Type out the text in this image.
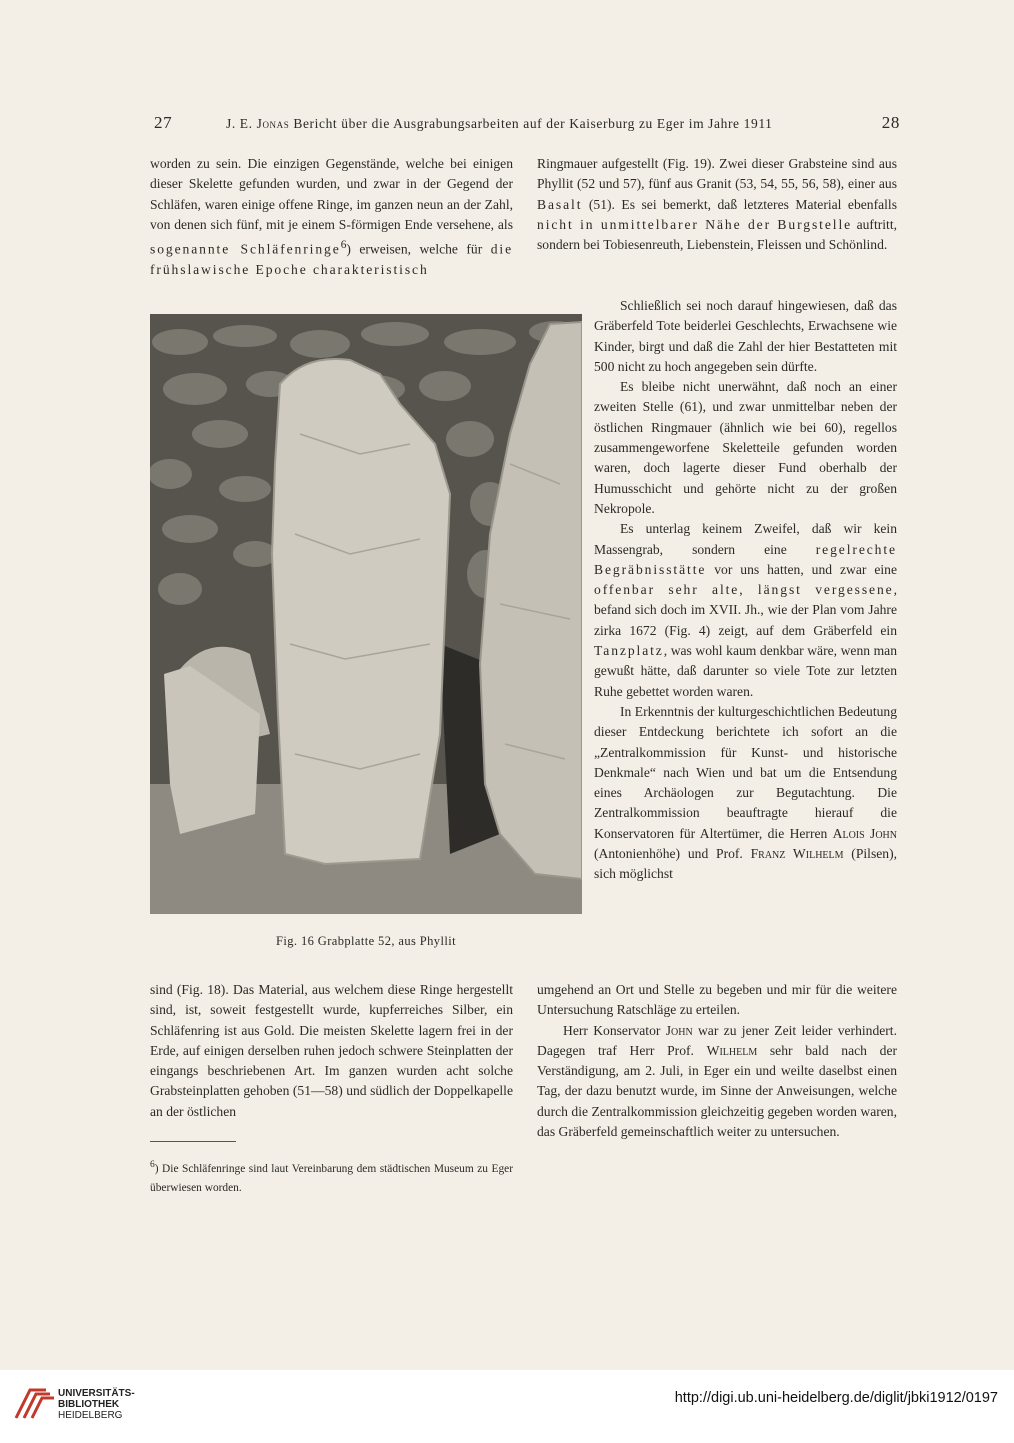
27	J. E. Jonas Bericht über die Ausgrabungsarbeiten auf der Kaiserburg zu Eger im Jahre 1911	28

worden zu sein. Die einzigen Gegenstände, welche bei einigen dieser Skelette gefunden wurden, und zwar in der Gegend der Schläfen, waren einige offene Ringe, im ganzen neun an der Zahl, von denen sich fünf, mit je einem S-förmigen Ende versehene, als sogenannte Schläfenringe$^6$) erweisen, welche für die frühslawische Epoche charakteristisch

Fig. 16 Grabplatte 52, aus Phyllit

sind (Fig. 18). Das Material, aus welchem diese Ringe hergestellt sind, ist, soweit festgestellt wurde, kupferreiches Silber, ein Schläfenring ist aus Gold. Die meisten Skelette lagern frei in der Erde, auf einigen derselben ruhen jedoch schwere Steinplatten der eingangs beschriebenen Art. Im ganzen wurden acht solche Grabsteinplatten gehoben (51—58) und südlich der Doppelkapelle an der östlichen

$^6$) Die Schläfenringe sind laut Vereinbarung dem städtischen Museum zu Eger überwiesen worden.

Ringmauer aufgestellt (Fig. 19). Zwei dieser Grabsteine sind aus Phyllit (52 und 57), fünf aus Granit (53, 54, 55, 56, 58), einer aus Basalt (51). Es sei bemerkt, daß letzteres Material ebenfalls nicht in unmittelbarer Nähe der Burgstelle auftritt, sondern bei Tobiesenreuth, Liebenstein, Fleissen und Schönlind.

Schließlich sei noch darauf hingewiesen, daß das Gräberfeld Tote beiderlei Geschlechts, Erwachsene wie Kinder, birgt und daß die Zahl der hier Bestatteten mit 500 nicht zu hoch angegeben sein dürfte.

Es bleibe nicht unerwähnt, daß noch an einer zweiten Stelle (61), und zwar unmittelbar neben der östlichen Ringmauer (ähnlich wie bei 60), regellos zusammengeworfene Skeletteile gefunden worden waren, doch lagerte dieser Fund oberhalb der Humusschicht und gehörte nicht zu der großen Nekropole.

Es unterlag keinem Zweifel, daß wir kein Massengrab, sondern eine regelrechte Begräbnisstätte vor uns hatten, und zwar eine offenbar sehr alte, längst vergessene, befand sich doch im XVII. Jh., wie der Plan vom Jahre zirka 1672 (Fig. 4) zeigt, auf dem Gräberfeld ein Tanzplatz, was wohl kaum denkbar wäre, wenn man gewußt hätte, daß darunter so viele Tote zur letzten Ruhe gebettet worden waren.

In Erkenntnis der kulturgeschichtlichen Bedeutung dieser Entdeckung berichtete ich sofort an die „Zentralkommission für Kunst- und historische Denkmale“ nach Wien und bat um die Entsendung eines Archäologen zur Begutachtung. Die Zentralkommission beauftragte hierauf die Konservatoren für Altertümer, die Herren Alois John (Antonienhöhe) und Prof. Franz Wilhelm (Pilsen), sich möglichst

umgehend an Ort und Stelle zu begeben und mir für die weitere Untersuchung Ratschläge zu erteilen.

Herr Konservator John war zu jener Zeit leider verhindert. Dagegen traf Herr Prof. Wilhelm sehr bald nach der Verständigung, am 2. Juli, in Eger ein und weilte daselbst einen Tag, der dazu benutzt wurde, im Sinne der Anweisungen, welche durch die Zentralkommission gleichzeitig gegeben worden waren, das Gräberfeld gemeinschaftlich weiter zu untersuchen.

UNIVERSITÄTS-
BIBLIOTHEK
HEIDELBERG
http://digi.ub.uni-heidelberg.de/diglit/jbki1912/0197
